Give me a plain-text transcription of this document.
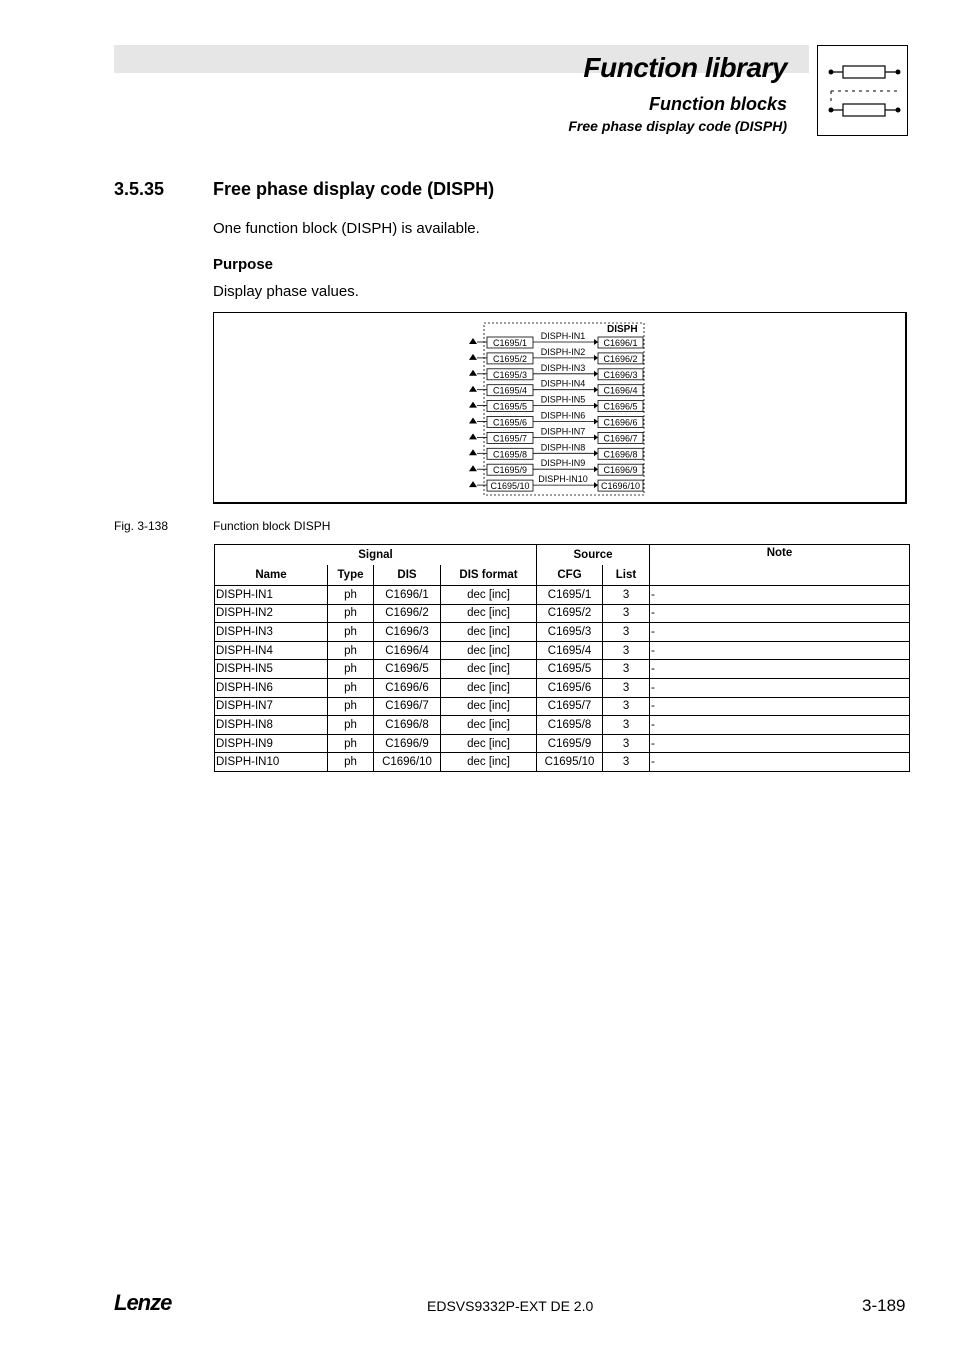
Function library
Function blocks
Free phase display code (DISPH)
3.5.35	Free phase display code (DISPH)
One function block (DISPH) is available.
Purpose
Display phase values.
DISPH
C1695/1
DISPH-IN1
C1696/1
C1695/2
DISPH-IN2
C1696/2
C1695/3
DISPH-IN3
C1696/3
C1695/4
DISPH-IN4
C1696/4
C1695/5
DISPH-IN5
C1696/5
C1695/6
DISPH-IN6
C1696/6
C1695/7
DISPH-IN7
C1696/7
C1695/8
DISPH-IN8
C1696/8
C1695/9
DISPH-IN9
C1696/9
C1695/10
DISPH-IN10
C1696/10
Fig. 3-138	Function block DISPH
Signal				Source		Note
Name	Type	DIS	DIS format	CFG	List	
DISPH-IN1	ph	C1696/1	dec [inc]	C1695/1	3	-
DISPH-IN2	ph	C1696/2	dec [inc]	C1695/2	3	-
DISPH-IN3	ph	C1696/3	dec [inc]	C1695/3	3	-
DISPH-IN4	ph	C1696/4	dec [inc]	C1695/4	3	-
DISPH-IN5	ph	C1696/5	dec [inc]	C1695/5	3	-
DISPH-IN6	ph	C1696/6	dec [inc]	C1695/6	3	-
DISPH-IN7	ph	C1696/7	dec [inc]	C1695/7	3	-
DISPH-IN8	ph	C1696/8	dec [inc]	C1695/8	3	-
DISPH-IN9	ph	C1696/9	dec [inc]	C1695/9	3	-
DISPH-IN10	ph	C1696/10	dec [inc]	C1695/10	3	-
Lenze	EDSVS9332P-EXT DE 2.0	3-189
